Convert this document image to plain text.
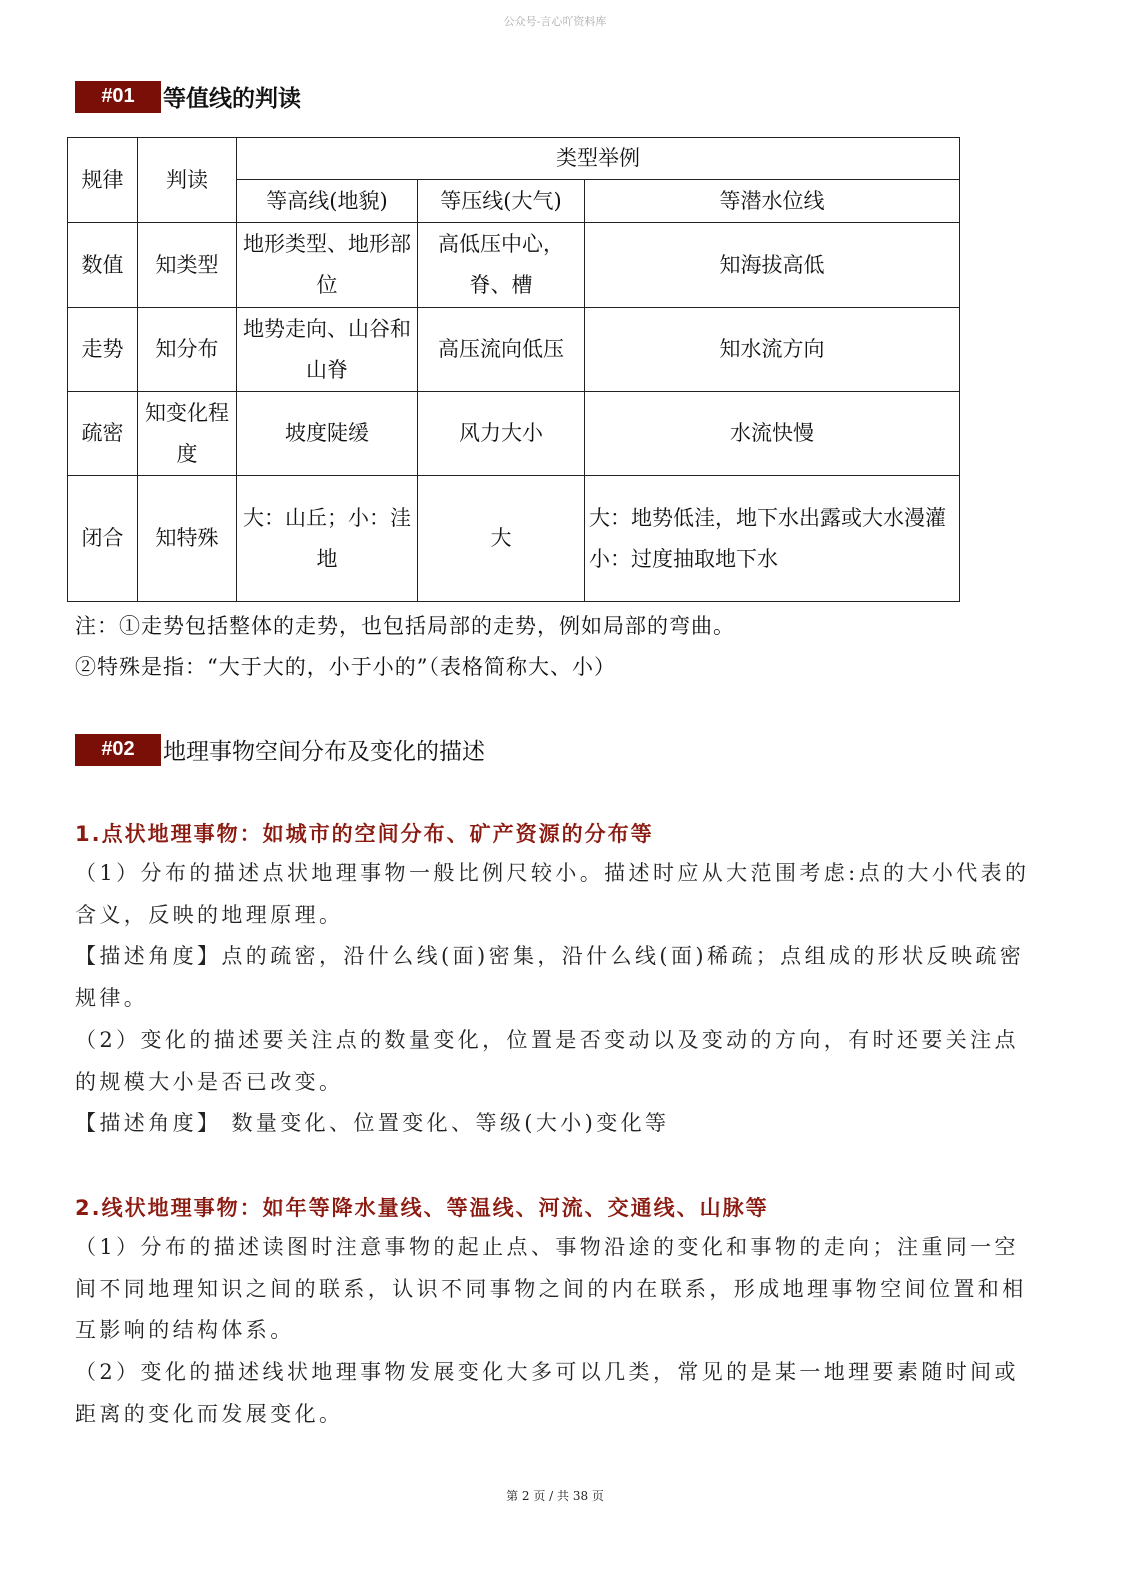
公众号-言心吖资料库
#01	等值线的判读
规律	判读	类型举例		
		等高线(地貌)	等压线(大气)	等潜水位线
数值	知类型	地形类型、地形部位	高低压中心，脊、槽	知海拔高低
走势	知分布	地势走向、山谷和山脊	高压流向低压	知水流方向
疏密	知变化程度	坡度陡缓	风力大小	水流快慢
闭合	知特殊	大：山丘；小：洼地	大	大：地势低洼，地下水出露或大水漫灌
小：过度抽取地下水
注：①走势包括整体的走势，也包括局部的走势，例如局部的弯曲。
②特殊是指：“大于大的，小于小的”（表格简称大、小）
#02	地理事物空间分布及变化的描述
1.点状地理事物：如城市的空间分布、矿产资源的分布等
（1）分布的描述点状地理事物一般比例尺较小。描述时应从大范围考虑:点的大小代表的含义，反映的地理原理。
【描述角度】点的疏密，沿什么线(面)密集，沿什么线(面)稀疏；点组成的形状反映疏密规律。
（2）变化的描述要关注点的数量变化，位置是否变动以及变动的方向，有时还要关注点的规模大小是否已改变。
【描述角度】 数量变化、位置变化、等级(大小)变化等
2.线状地理事物：如年等降水量线、等温线、河流、交通线、山脉等
（1）分布的描述读图时注意事物的起止点、事物沿途的变化和事物的走向；注重同一空间不同地理知识之间的联系，认识不同事物之间的内在联系，形成地理事物空间位置和相互影响的结构体系。
（2）变化的描述线状地理事物发展变化大多可以几类，常见的是某一地理要素随时间或距离的变化而发展变化。
第 2 页 / 共 38 页
